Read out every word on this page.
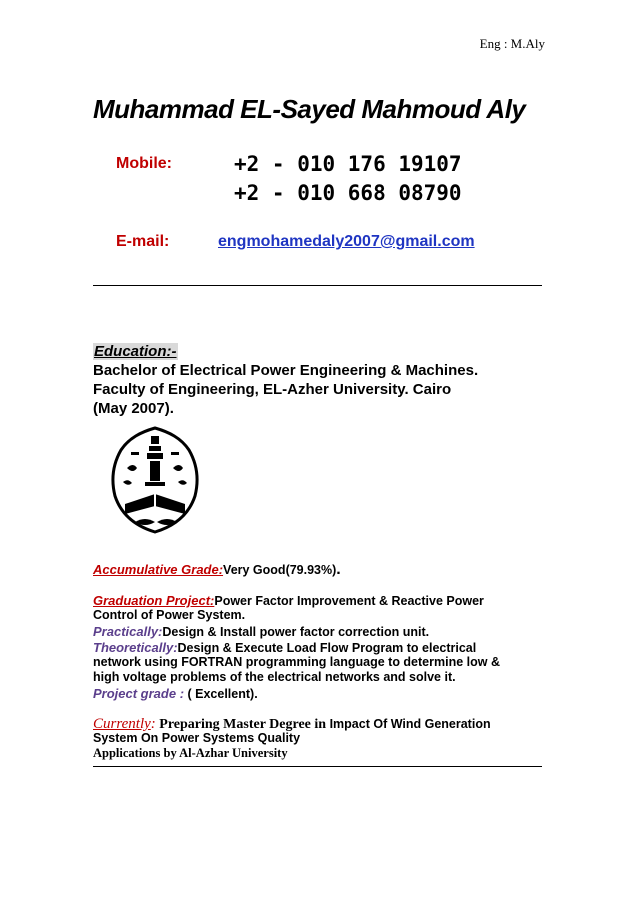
Eng : M.Aly
Muhammad EL-Sayed Mahmoud Aly
Mobile:	+2 - 010 176 19107
+2 - 010 668 08790
E-mail:	engmohamedaly2007@gmail.com
Education:-
Bachelor of Electrical Power Engineering & Machines.
Faculty of Engineering, EL-Azher University. Cairo
(May 2007).
Accumulative Grade:Very Good(79.93%).
Graduation Project:Power Factor Improvement & Reactive Power
Control of Power System.
Practically:Design & Install power factor correction unit.
Theoretically:Design & Execute Load Flow Program to electrical
network using FORTRAN programming language to determine low &
high voltage problems of the electrical networks and solve it.
Project grade : ( Excellent).
Currently: Preparing Master Degree in Impact Of Wind Generation
System On Power Systems Quality
Applications by Al-Azhar University
